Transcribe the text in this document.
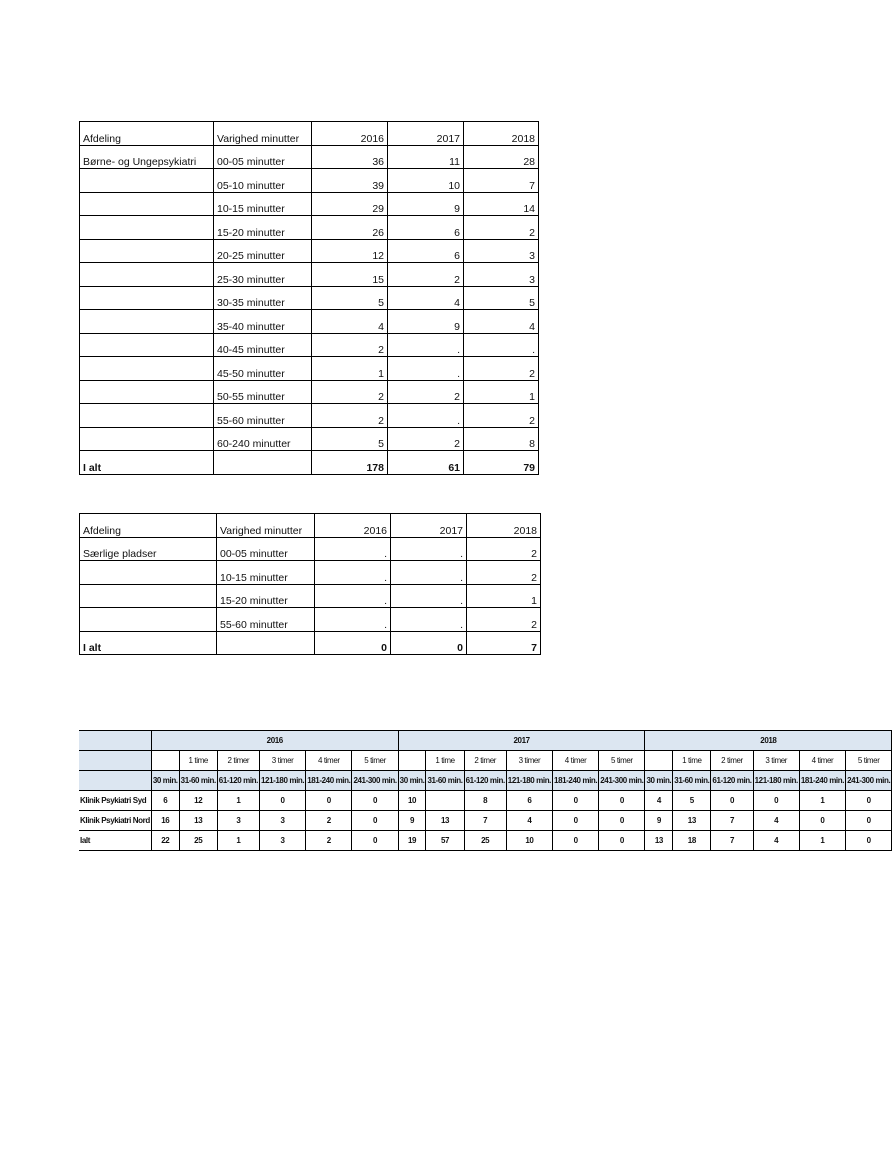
Afdeling	Varighed minutter	2016	2017	2018
Børne- og Ungepsykiatri	00-05 minutter	36	11	28
	05-10 minutter	39	10	7
	10-15 minutter	29	9	14
	15-20 minutter	26	6	2
	20-25 minutter	12	6	3
	25-30 minutter	15	2	3
	30-35 minutter	5	4	5
	35-40 minutter	4	9	4
	40-45 minutter	2	.	.
	45-50 minutter	1	.	2
	50-55 minutter	2	2	1
	55-60 minutter	2	.	2
	60-240 minutter	5	2	8
I alt		178	61	79
Afdeling	Varighed minutter	2016	2017	2018
Særlige pladser	00-05 minutter	.	.	2
	10-15 minutter	.	.	2
	15-20 minutter	.	.	1
	55-60 minutter	.	.	2
I alt		0	0	7
	2016						2017						2018					
		1 time	2 timer	3 timer	4 timer	5 timer		1 time	2 timer	3 timer	4 timer	5 timer		1 time	2 timer	3 timer	4 timer	5 timer
	30 min.	31-60 min.	61-120 min.	121-180 min.	181-240 min.	241-300 min.	30 min.	31-60 min.	61-120 min.	121-180 min.	181-240 min.	241-300 min.	30 min.	31-60 min.	61-120 min.	121-180 min.	181-240 min.	241-300 min.
Klinik Psykiatri Syd	6	12	1	0	0	0	10		8	6	0	0	4	5	0	0	1	0
Klinik Psykiatri Nord	16	13	3	3	2	0	9	13	7	4	0	0	9	13	7	4	0	0
Ialt	22	25	1	3	2	0	19	57	25	10	0	0	13	18	7	4	1	0
